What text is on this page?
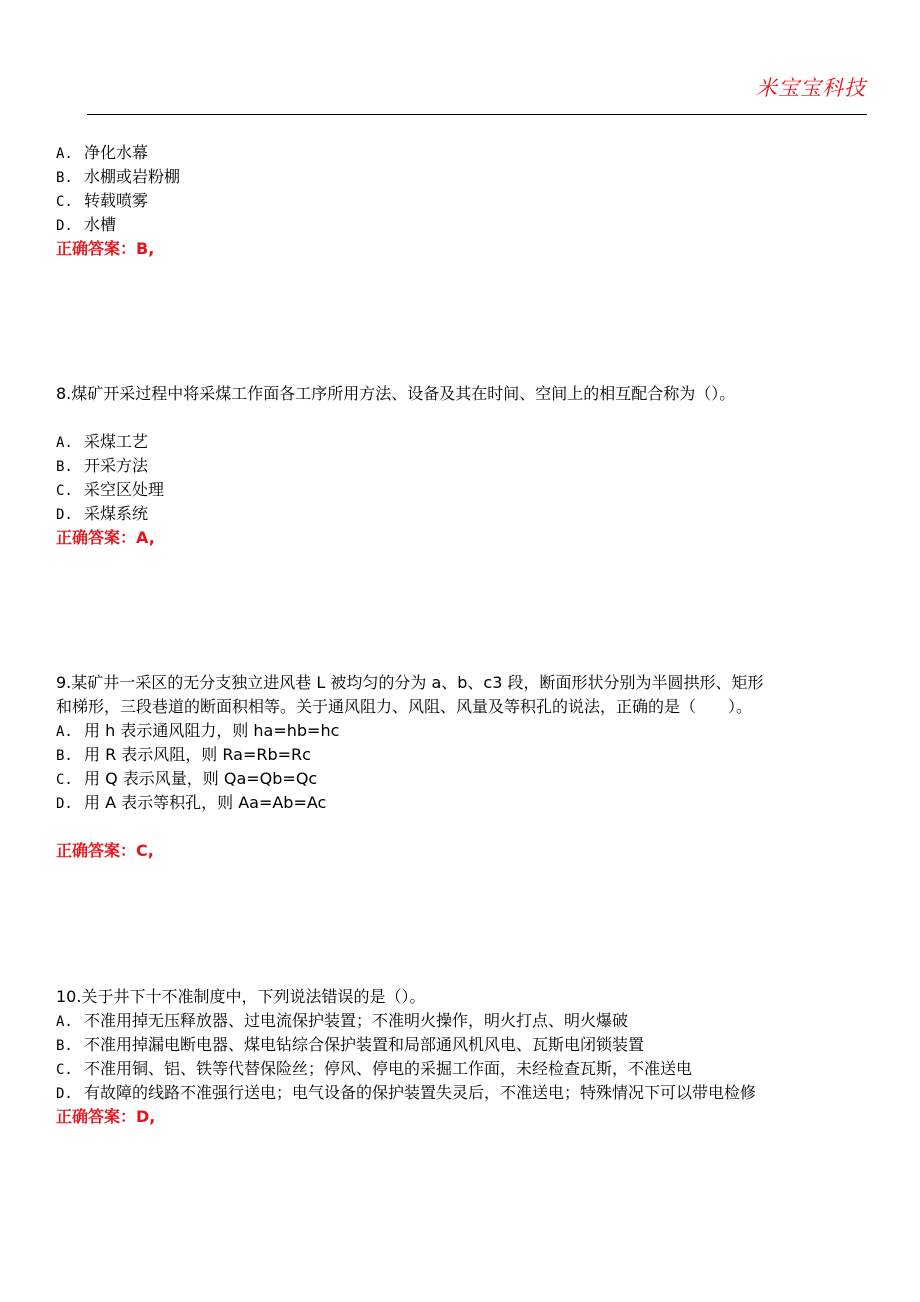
米宝宝科技
A. 净化水幕
B. 水棚或岩粉棚
C. 转载喷雾
D. 水槽
正确答案：B,
8.煤矿开采过程中将采煤工作面各工序所用方法、设备及其在时间、空间上的相互配合称为（）。
A. 采煤工艺
B. 开采方法
C. 采空区处理
D. 采煤系统
正确答案：A,
9.某矿井一采区的无分支独立进风巷 L 被均匀的分为 a、b、c3 段，断面形状分别为半圆拱形、矩形
和梯形，三段巷道的断面积相等。关于通风阻力、风阻、风量及等积孔的说法，正确的是（　　）。
A. 用 h 表示通风阻力，则 ha=hb=hc
B. 用 R 表示风阻，则 Ra=Rb=Rc
C. 用 Q 表示风量，则 Qa=Qb=Qc
D. 用 A 表示等积孔，则 Aa=Ab=Ac
正确答案：C,
10.关于井下十不准制度中，下列说法错误的是（）。
A. 不准用掉无压释放器、过电流保护装置；不准明火操作，明火打点、明火爆破
B. 不准用掉漏电断电器、煤电钻综合保护装置和局部通风机风电、瓦斯电闭锁装置
C. 不准用铜、铝、铁等代替保险丝；停风、停电的采掘工作面，未经检查瓦斯，不准送电
D. 有故障的线路不准强行送电；电气设备的保护装置失灵后，不准送电；特殊情况下可以带电检修
正确答案：D,
